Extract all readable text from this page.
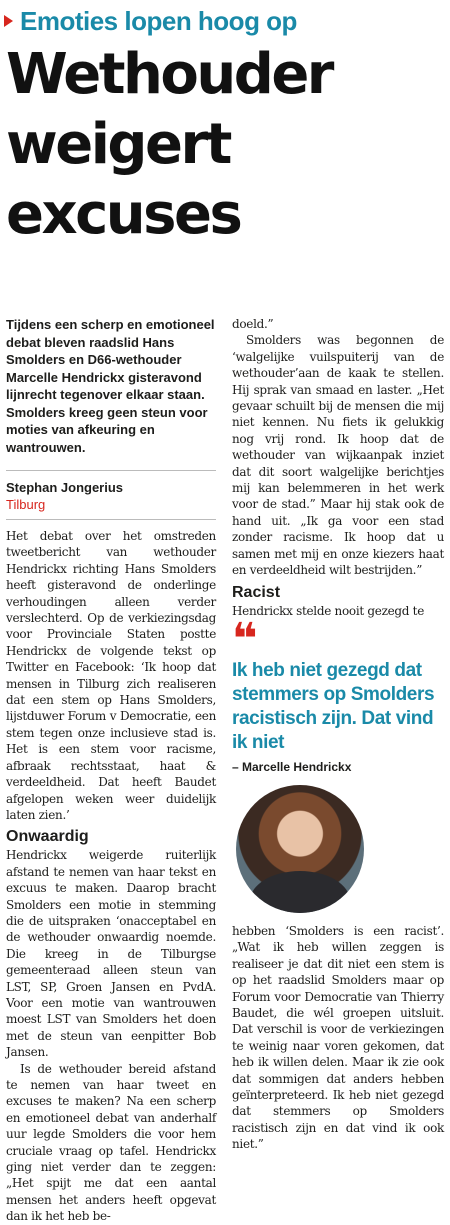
Emoties lopen hoog op
Wethouder
weigert
excuses

Tijdens een scherp en emotioneel debat bleven raadslid Hans Smolders en D66-wethouder Marcelle Hendrickx gisteravond lijnrecht tegenover elkaar staan. Smolders kreeg geen steun voor moties van afkeuring en wantrouwen.

Stephan Jongerius
Tilburg

Het debat over het omstreden tweetbericht van wethouder Hendrickx richting Hans Smolders heeft gisteravond de onderlinge verhoudingen alleen verder verslechterd. Op de verkiezingsdag voor Provinciale Staten postte Hendrickx de volgende tekst op Twitter en Facebook: ‘Ik hoop dat mensen in Tilburg zich realiseren dat een stem op Hans Smolders, lijstduwer Forum v Democratie, een stem tegen onze inclusieve stad is. Het is een stem voor racisme, afbraak rechtsstaat, haat & verdeeldheid. Dat heeft Baudet afgelopen weken weer duidelijk laten zien.’

Onwaardig

Hendrickx weigerde ruiterlijk afstand te nemen van haar tekst en excuus te maken. Daarop bracht Smolders een motie in stemming die de uitspraken ‘onacceptabel en de wethouder onwaardig noemde. Die kreeg in de Tilburgse gemeenteraad alleen steun van LST, SP, Groen Jansen en PvdA. Voor een motie van wantrouwen moest LST van Smolders het doen met de steun van eenpitter Bob Jansen.

Is de wethouder bereid afstand te nemen van haar tweet en excuses te maken? Na een scherp en emotioneel debat van anderhalf uur legde Smolders die voor hem cruciale vraag op tafel. Hendrickx ging niet verder dan te zeggen: „Het spijt me dat een aantal mensen het anders heeft opgevat dan ik het heb be-

doeld.”

Smolders was begonnen de ‘walgelijke vuilspuiterij van de wethouder’aan de kaak te stellen. Hij sprak van smaad en laster. „Het gevaar schuilt bij de mensen die mij niet kennen. Nu fiets ik gelukkig nog vrij rond. Ik hoop dat de wethouder van wijkaanpak inziet dat dit soort walgelijke berichtjes mij kan belemmeren in het werk voor de stad.” Maar hij stak ook de hand uit. „Ik ga voor een stad zonder racisme. Ik hoop dat u samen met mij en onze kiezers haat en verdeeldheid wilt bestrijden.”

Racist

Hendrickx stelde nooit gezegd te

❝
Ik heb niet gezegd dat stemmers op Smolders racistisch zijn. Dat vind ik niet
– Marcelle Hendrickx

hebben ‘Smolders is een racist’. „Wat ik heb willen zeggen is realiseer je dat dit niet een stem is op het raadslid Smolders maar op Forum voor Democratie van Thierry Baudet, die wél groepen uitsluit. Dat verschil is voor de verkiezingen te weinig naar voren gekomen, dat heb ik willen delen. Maar ik zie ook dat sommigen dat anders hebben geïnterpreteerd. Ik heb niet gezegd dat stemmers op Smolders racistisch zijn en dat vind ik ook niet.”
